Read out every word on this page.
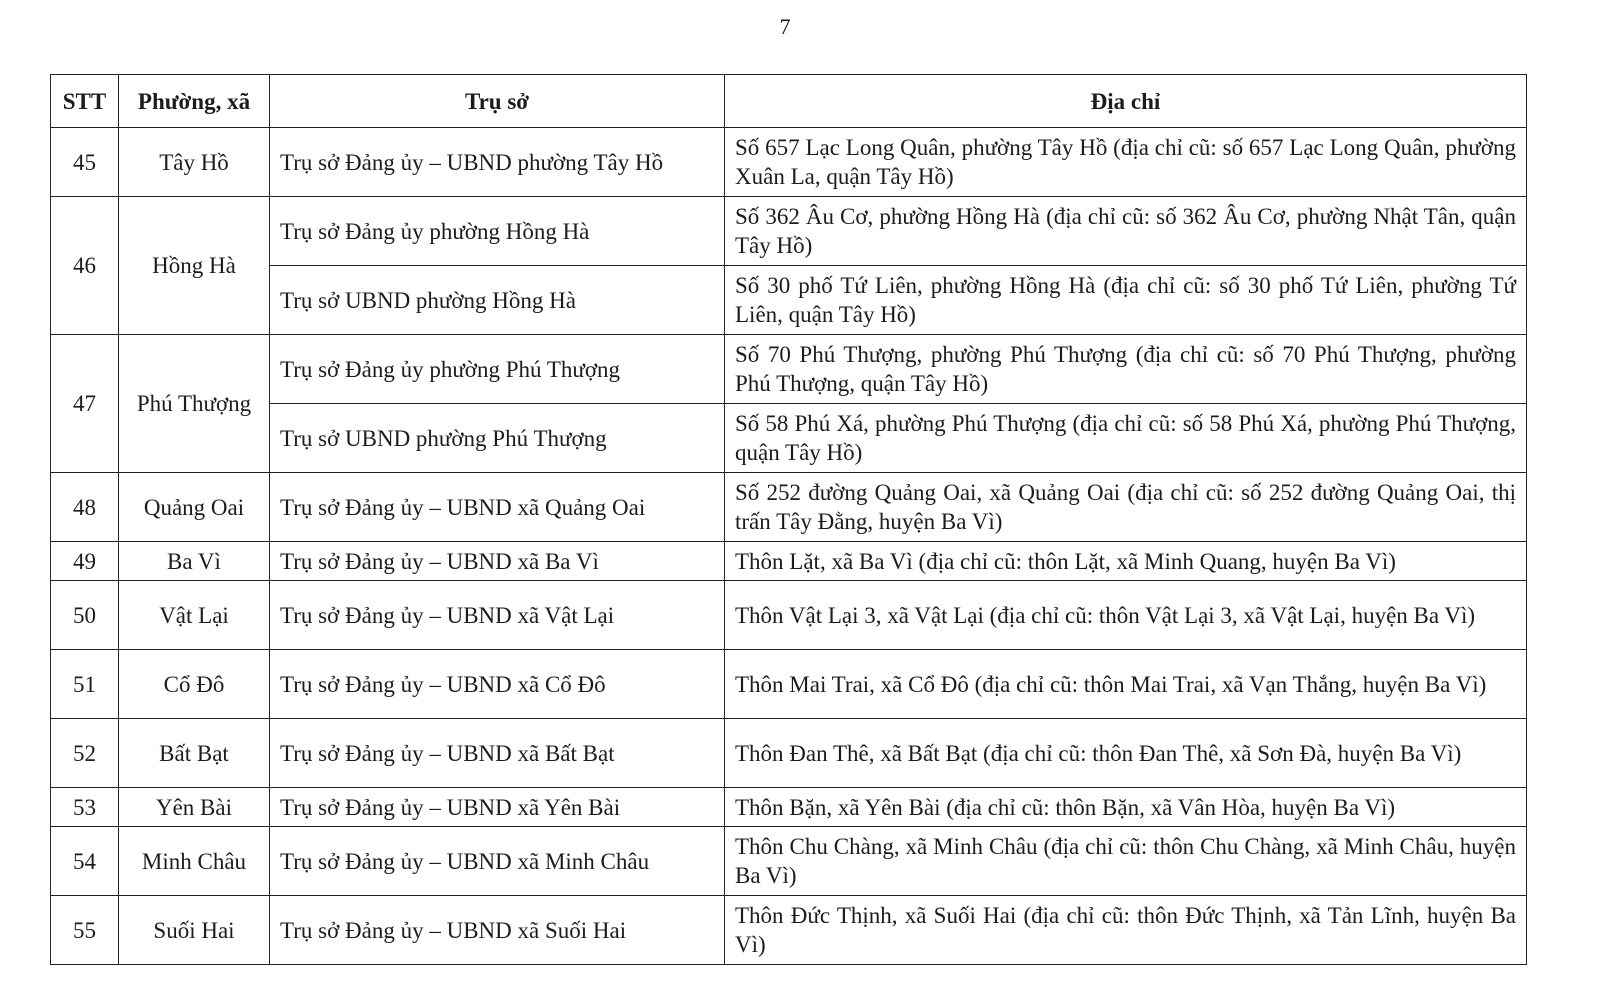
7
STT	Phường, xã	Trụ sở	Địa chỉ
45	Tây Hồ	Trụ sở Đảng ủy – UBND phường Tây Hồ	Số 657 Lạc Long Quân, phường Tây Hồ (địa chỉ cũ: số 657 Lạc Long Quân, phường Xuân La, quận Tây Hồ)
46	Hồng Hà	Trụ sở Đảng ủy phường Hồng Hà	Số 362 Âu Cơ, phường Hồng Hà (địa chỉ cũ: số 362 Âu Cơ, phường Nhật Tân, quận Tây Hồ)
		Trụ sở UBND phường Hồng Hà	Số 30 phố Tứ Liên, phường Hồng Hà (địa chỉ cũ: số 30 phố Tứ Liên, phường Tứ Liên, quận Tây Hồ)
47	Phú Thượng	Trụ sở Đảng ủy phường Phú Thượng	Số 70 Phú Thượng, phường Phú Thượng (địa chỉ cũ: số 70 Phú Thượng, phường Phú Thượng, quận Tây Hồ)
		Trụ sở UBND phường Phú Thượng	Số 58 Phú Xá, phường Phú Thượng (địa chỉ cũ: số 58 Phú Xá, phường Phú Thượng, quận Tây Hồ)
48	Quảng Oai	Trụ sở Đảng ủy – UBND xã Quảng Oai	Số 252 đường Quảng Oai, xã Quảng Oai (địa chỉ cũ: số 252 đường Quảng Oai, thị trấn Tây Đằng, huyện Ba Vì)
49	Ba Vì	Trụ sở Đảng ủy – UBND xã Ba Vì	Thôn Lặt, xã Ba Vì (địa chỉ cũ: thôn Lặt, xã Minh Quang, huyện Ba Vì)
50	Vật Lại	Trụ sở Đảng ủy – UBND xã Vật Lại	Thôn Vật Lại 3, xã Vật Lại (địa chỉ cũ: thôn Vật Lại 3, xã Vật Lại, huyện Ba Vì)
51	Cổ Đô	Trụ sở Đảng ủy – UBND xã Cổ Đô	Thôn Mai Trai, xã Cổ Đô (địa chỉ cũ: thôn Mai Trai, xã Vạn Thắng, huyện Ba Vì)
52	Bất Bạt	Trụ sở Đảng ủy – UBND xã Bất Bạt	Thôn Đan Thê, xã Bất Bạt (địa chỉ cũ: thôn Đan Thê, xã Sơn Đà, huyện Ba Vì)
53	Yên Bài	Trụ sở Đảng ủy – UBND xã Yên Bài	Thôn Bặn, xã Yên Bài (địa chỉ cũ: thôn Bặn, xã Vân Hòa, huyện Ba Vì)
54	Minh Châu	Trụ sở Đảng ủy – UBND xã Minh Châu	Thôn Chu Chàng, xã Minh Châu (địa chỉ cũ: thôn Chu Chàng, xã Minh Châu, huyện Ba Vì)
55	Suối Hai	Trụ sở Đảng ủy – UBND xã Suối Hai	Thôn Đức Thịnh, xã Suối Hai (địa chỉ cũ: thôn Đức Thịnh, xã Tản Lĩnh, huyện Ba Vì)
